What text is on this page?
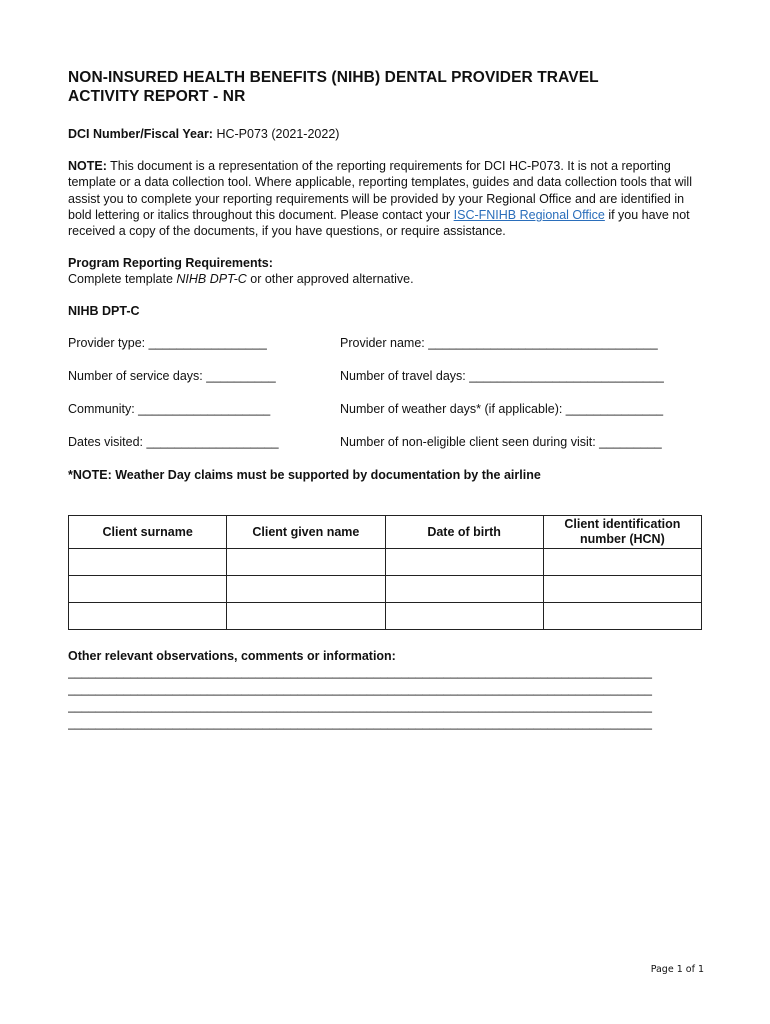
NON-INSURED HEALTH BENEFITS (NIHB) DENTAL PROVIDER TRAVEL
ACTIVITY REPORT - NR
DCI Number/Fiscal Year: HC-P073 (2021-2022)
NOTE: This document is a representation of the reporting requirements for DCI HC-P073. It is not a reporting template or a data collection tool. Where applicable, reporting templates, guides and data collection tools that will assist you to complete your reporting requirements will be provided by your Regional Office and are identified in bold lettering or italics throughout this document. Please contact your ISC-FNIHB Regional Office if you have not received a copy of the documents, if you have questions, or require assistance.
Program Reporting Requirements:
Complete template NIHB DPT-C or other approved alternative.
NIHB DPT-C
Provider type: _________________	Provider name: _________________________________
Number of service days: __________	Number of travel days: ____________________________
Community: ___________________	Number of weather days* (if applicable): ______________
Dates visited: ___________________	Number of non-eligible client seen during visit: _________
*NOTE: Weather Day claims must be supported by documentation by the airline
Client surname	Client given name	Date of birth	Client identification number (HCN)

Other relevant observations, comments or information:
____________________________________________________________________________________
____________________________________________________________________________________
____________________________________________________________________________________
____________________________________________________________________________________
Page 1 of 1
